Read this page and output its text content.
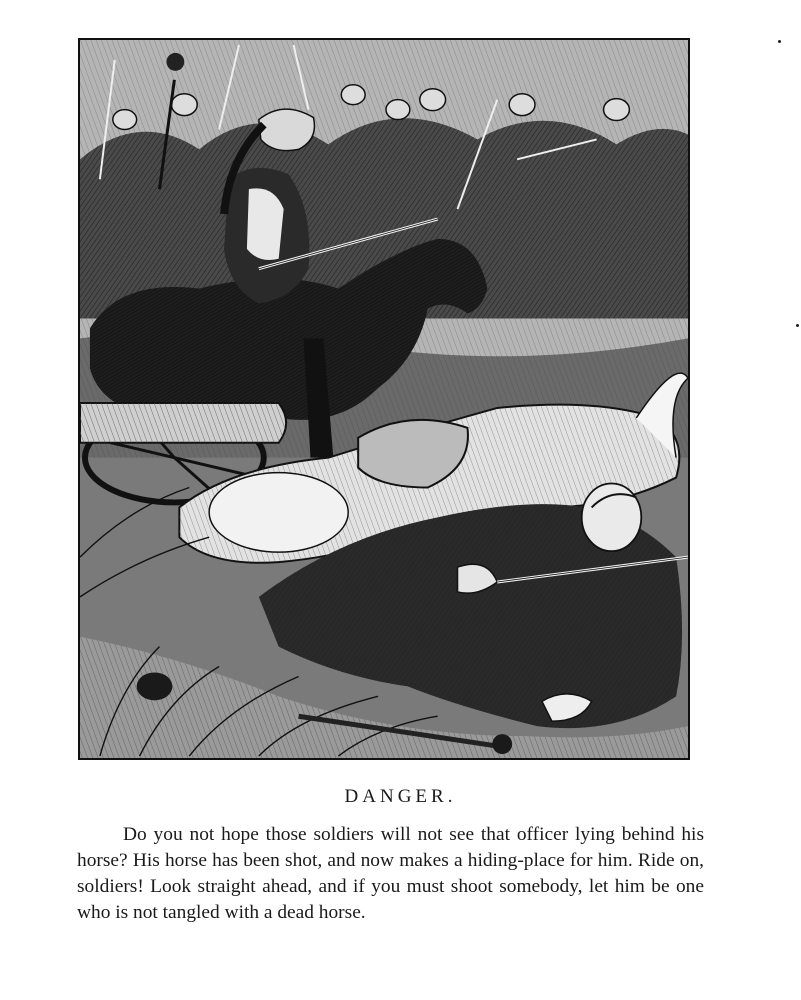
DANGER.

Do you not hope those soldiers will not see that officer lying behind his horse? His horse has been shot, and now makes a hiding-place for him. Ride on, soldiers! Look straight ahead, and if you must shoot somebody, let him be one who is not tangled with a dead horse.
